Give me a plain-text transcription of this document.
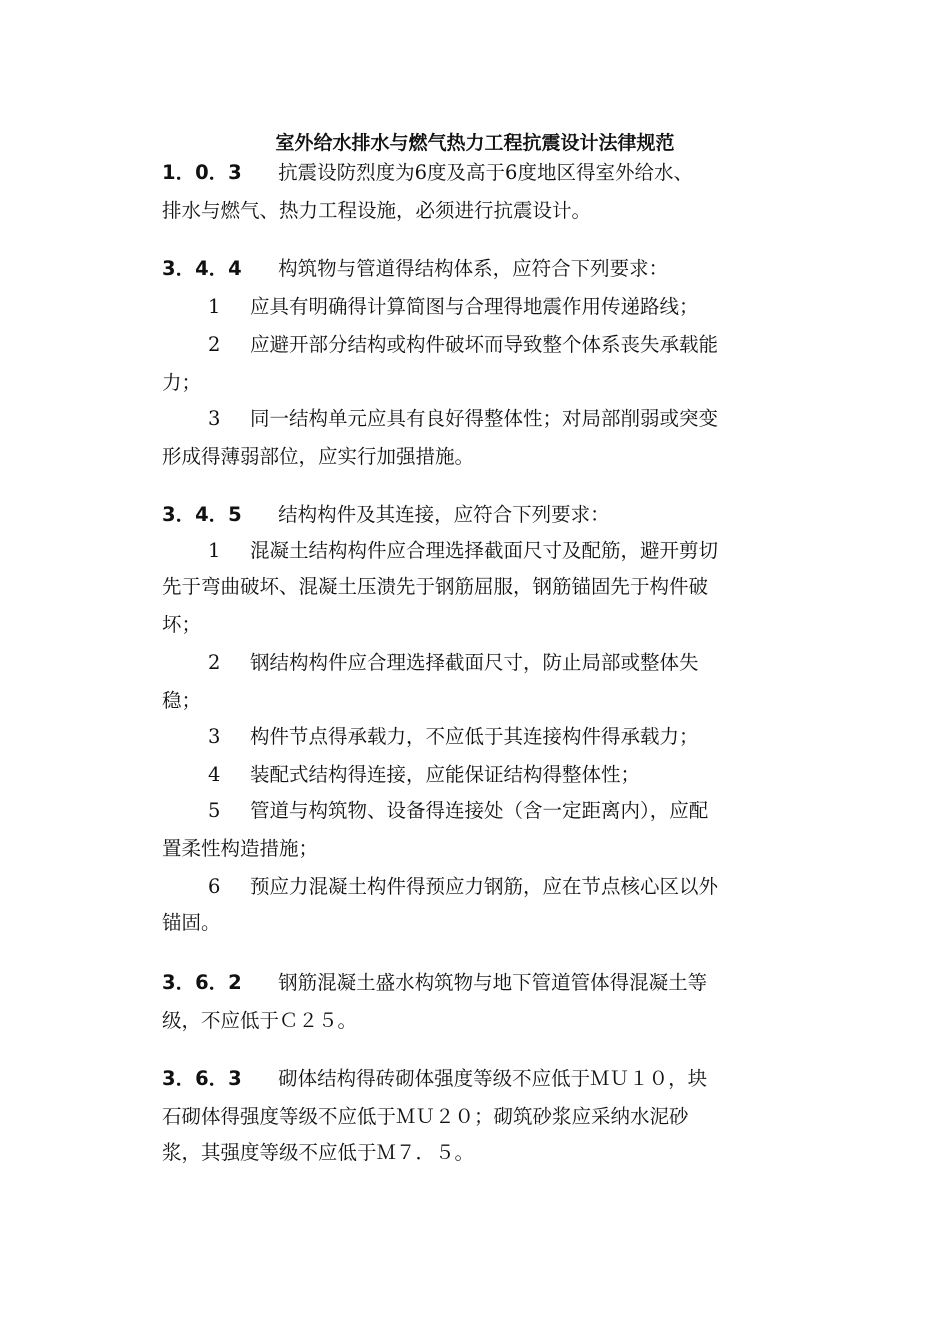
室外给水排水与燃气热力工程抗震设计法律规范
1．0．3 抗震设防烈度为6度及高于6度地区得室外给水、
排水与燃气、热力工程设施，必须进行抗震设计。
3．4．4 构筑物与管道得结构体系，应符合下列要求：
1 应具有明确得计算简图与合理得地震作用传递路线；
2 应避开部分结构或构件破坏而导致整个体系丧失承载能
力；
3 同一结构单元应具有良好得整体性；对局部削弱或突变
形成得薄弱部位，应实行加强措施。
3．4．5 结构构件及其连接，应符合下列要求：
1 混凝土结构构件应合理选择截面尺寸及配筋，避开剪切
先于弯曲破坏、混凝土压溃先于钢筋屈服，钢筋锚固先于构件破
坏；
2 钢结构构件应合理选择截面尺寸，防止局部或整体失
稳；
3 构件节点得承载力，不应低于其连接构件得承载力；
4 装配式结构得连接，应能保证结构得整体性；
5 管道与构筑物、设备得连接处（含一定距离内），应配
置柔性构造措施；
6 预应力混凝土构件得预应力钢筋，应在节点核心区以外
锚固。
3．6．2 钢筋混凝土盛水构筑物与地下管道管体得混凝土等
级，不应低于Ｃ２５。
3．6．3 砌体结构得砖砌体强度等级不应低于ＭＵ１０，块
石砌体得强度等级不应低于ＭＵ２０；砌筑砂浆应采纳水泥砂
浆，其强度等级不应低于Ｍ７．５。
